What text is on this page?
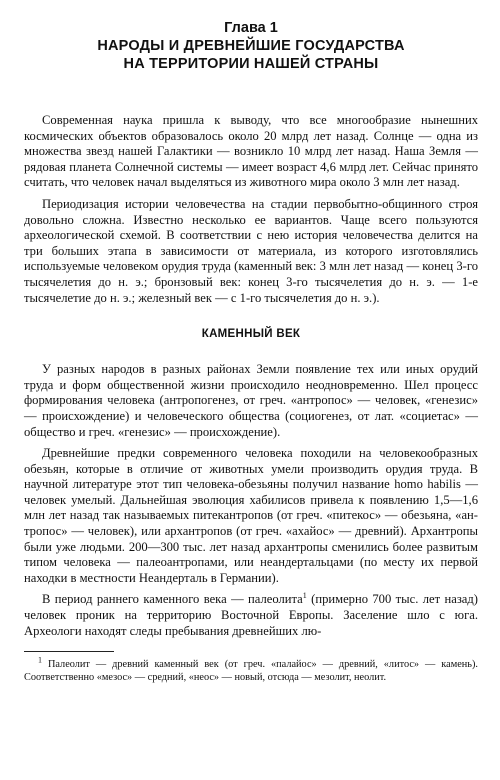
Глава 1
НАРОДЫ И ДРЕВНЕЙШИЕ ГОСУДАРСТВА
НА ТЕРРИТОРИИ НАШЕЙ СТРАНЫ

Современная наука пришла к выводу, что все многообразие нынешних космических объектов образовалось около 20 млрд лет назад. Солнце — одна из множества звезд нашей Галактики — возникло 10 млрд лет назад. Наша Земля — рядовая планета Солнечной системы — имеет возраст 4,6 млрд лет. Сейчас принято считать, что человек начал выделяться из животного мира около 3 млн лет назад.

Периодизация истории человечества на стадии первобытно-общинного строя довольно сложна. Известно несколько ее вариантов. Чаще всего пользуются археологической схемой. В соответствии с нею история человечества делится на три больших этапа в зависимости от материала, из которого изготовлялись используемые человеком орудия труда (каменный век: 3 млн лет назад — конец 3-го тысячелетия до н. э.; бронзовый век: конец 3-го тысячелетия до н. э. — 1-е тысячелетие до н. э.; железный век — с 1-го тысячелетия до н. э.).

КАМЕННЫЙ ВЕК

У разных народов в разных районах Земли появление тех или иных орудий труда и форм общественной жизни происходило неодновременно. Шел процесс формирования человека (антропогенез, от греч. «антропос» — человек, «генезис» — происхождение) и человеческого общества (социогенез, от лат. «социетас» — общество и греч. «генезис» — происхождение).

Древнейшие предки современного человека походили на человекообразных обезьян, которые в отличие от животных умели производить орудия труда. В научной литературе этот тип человека-обезьяны получил название homo habilis — человек умелый. Дальнейшая эволюция хабилисов привела к появлению 1,5—1,6 млн лет назад так называемых питекантропов (от греч. «питекос» — обезьяна, «антропос» — человек), или архантропов (от греч. «ахайос» — древний). Архантропы были уже людьми. 200—300 тыс. лет назад архантропы сменились более развитым типом человека — палеоантропами, или неандертальцами (по месту их первой находки в местности Неандерталь в Германии).

В период раннего каменного века — палеолита$^1$ (примерно 700 тыс. лет назад) человек проник на территорию Восточной Европы. Заселение шло с юга. Археологи находят следы пребывания древнейших лю-

$^1$ Палеолит — древний каменный век (от греч. «палайос» — древний, «литос» — камень). Соответственно «мезос» — средний, «неос» — новый, отсюда — мезолит, неолит.
